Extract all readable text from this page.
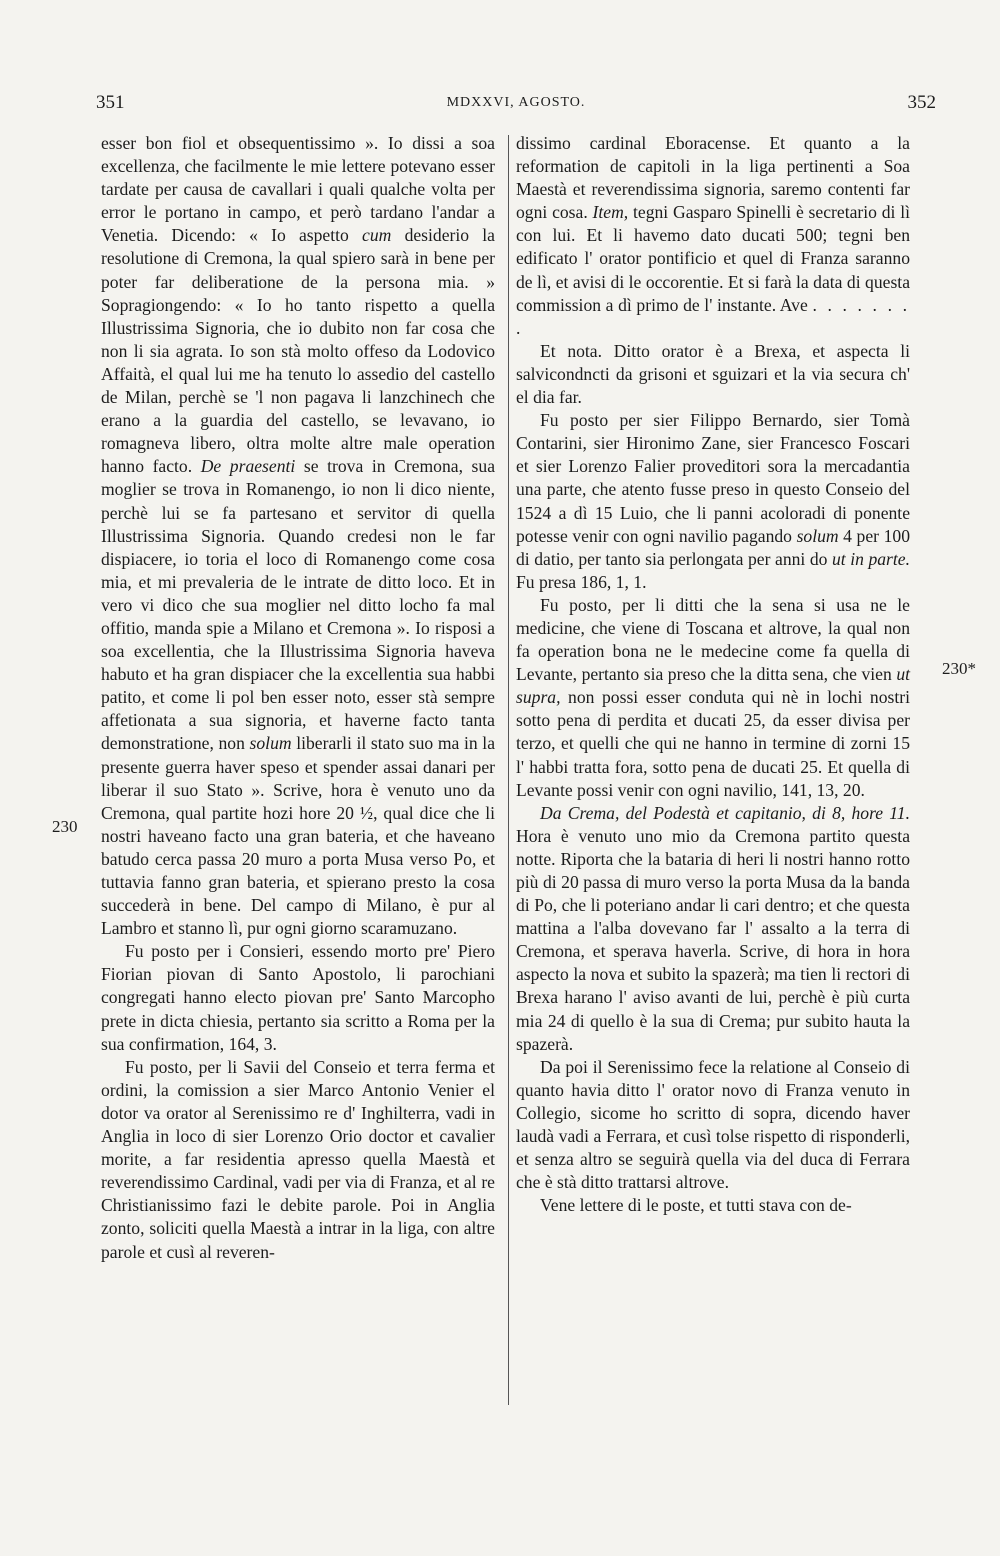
351	MDXXVI, AGOSTO.	352
230
230*

esser bon fiol et obsequentissimo ». Io dissi a soa excellenza, che facilmente le mie lettere potevano esser tardate per causa de cavallari i quali qualche volta per error le portano in campo, et però tardano l'andar a Venetia. Dicendo: « Io aspetto cum desiderio la resolutione di Cremona, la qual spiero sarà in bene per poter far deliberatione de la persona mia. » Sopragiongendo: « Io ho tanto rispetto a quella Illustrissima Signoria, che io dubito non far cosa che non li sia agrata. Io son stà molto offeso da Lodovico Affaità, el qual lui me ha tenuto lo assedio del castello de Milan, perchè se 'l non pagava li lanzchinech che erano a la guardia del castello, se levavano, io romagneva libero, oltra molte altre male operation hanno facto. De praesenti se trova in Cremona, sua moglier se trova in Romanengo, io non li dico niente, perchè lui se fa partesano et servitor di quella Illustrissima Signoria. Quando credesi non le far dispiacere, io toria el loco di Romanengo come cosa mia, et mi prevaleria de le intrate de ditto loco. Et in vero vi dico che sua moglier nel ditto locho fa mal offitio, manda spie a Milano et Cremona ». Io risposi a soa excellentia, che la Illustrissima Signoria haveva habuto et ha gran dispiacer che la excellentia sua habbi patito, et come li pol ben esser noto, esser stà sempre affetionata a sua signoria, et haverne facto tanta demonstratione, non solum liberarli il stato suo ma in la presente guerra haver speso et spender assai danari per liberar il suo Stato ». Scrive, hora è venuto uno da Cremona, qual partite hozi hore 20 ½, qual dice che li nostri haveano facto una gran bateria, et che haveano batudo cerca passa 20 muro a porta Musa verso Po, et tuttavia fanno gran bateria, et spierano presto la cosa succederà in bene. Del campo di Milano, è pur al Lambro et stanno lì, pur ogni giorno scaramuzano.

Fu posto per i Consieri, essendo morto pre' Piero Fiorian piovan di Santo Apostolo, li parochiani congregati hanno electo piovan pre' Santo Marcopho prete in dicta chiesia, pertanto sia scritto a Roma per la sua confirmation, 164, 3.

Fu posto, per li Savii del Conseio et terra ferma et ordini, la comission a sier Marco Antonio Venier el dotor va orator al Serenissimo re d' Inghilterra, vadi in Anglia in loco di sier Lorenzo Orio doctor et cavalier morite, a far residentia apresso quella Maestà et reverendissimo Cardinal, vadi per via di Franza, et al re Christianissimo fazi le debite parole. Poi in Anglia zonto, soliciti quella Maestà a intrar in la liga, con altre parole et cusì al reveren-

dissimo cardinal Eboracense. Et quanto a la reformation de capitoli in la liga pertinenti a Soa Maestà et reverendissima signoria, saremo contenti far ogni cosa. Item, tegni Gasparo Spinelli è secretario di lì con lui. Et li havemo dato ducati 500; tegni ben edificato l' orator pontificio et quel di Franza saranno de lì, et avisi di le occorentie. Et si farà la data di questa commission a dì primo de l' instante. Ave . . . . . . . .

Et nota. Ditto orator è a Brexa, et aspecta li salvicondncti da grisoni et sguizari et la via secura ch' el dia far.

Fu posto per sier Filippo Bernardo, sier Tomà Contarini, sier Hironimo Zane, sier Francesco Foscari et sier Lorenzo Falier proveditori sora la mercadantia una parte, che atento fusse preso in questo Conseio del 1524 a dì 15 Luio, che li panni acoloradi di ponente potesse venir con ogni navilio pagando solum 4 per 100 di datio, per tanto sia perlongata per anni do ut in parte. Fu presa 186, 1, 1.

Fu posto, per li ditti che la sena si usa ne le medicine, che viene di Toscana et altrove, la qual non fa operation bona ne le medecine come fa quella di Levante, pertanto sia preso che la ditta sena, che vien ut supra, non possi esser conduta qui nè in lochi nostri sotto pena di perdita et ducati 25, da esser divisa per terzo, et quelli che qui ne hanno in termine di zorni 15 l' habbi tratta fora, sotto pena de ducati 25. Et quella di Levante possi venir con ogni navilio, 141, 13, 20.

Da Crema, del Podestà et capitanio, di 8, hore 11. Hora è venuto uno mio da Cremona partito questa notte. Riporta che la bataria di heri li nostri hanno rotto più di 20 passa di muro verso la porta Musa da la banda di Po, che li poteriano andar li cari dentro; et che questa mattina a l'alba dovevano far l' assalto a la terra di Cremona, et sperava haverla. Scrive, di hora in hora aspecto la nova et subito la spazerà; ma tien li rectori di Brexa harano l' aviso avanti de lui, perchè è più curta mia 24 di quello è la sua di Crema; pur subito hauta la spazerà.

Da poi il Serenissimo fece la relatione al Conseio di quanto havia ditto l' orator novo di Franza venuto in Collegio, sicome ho scritto di sopra, dicendo haver laudà vadi a Ferrara, et cusì tolse rispetto di risponderli, et senza altro se seguirà quella via del duca di Ferrara che è stà ditto trattarsi altrove.

Vene lettere di le poste, et tutti stava con de-
